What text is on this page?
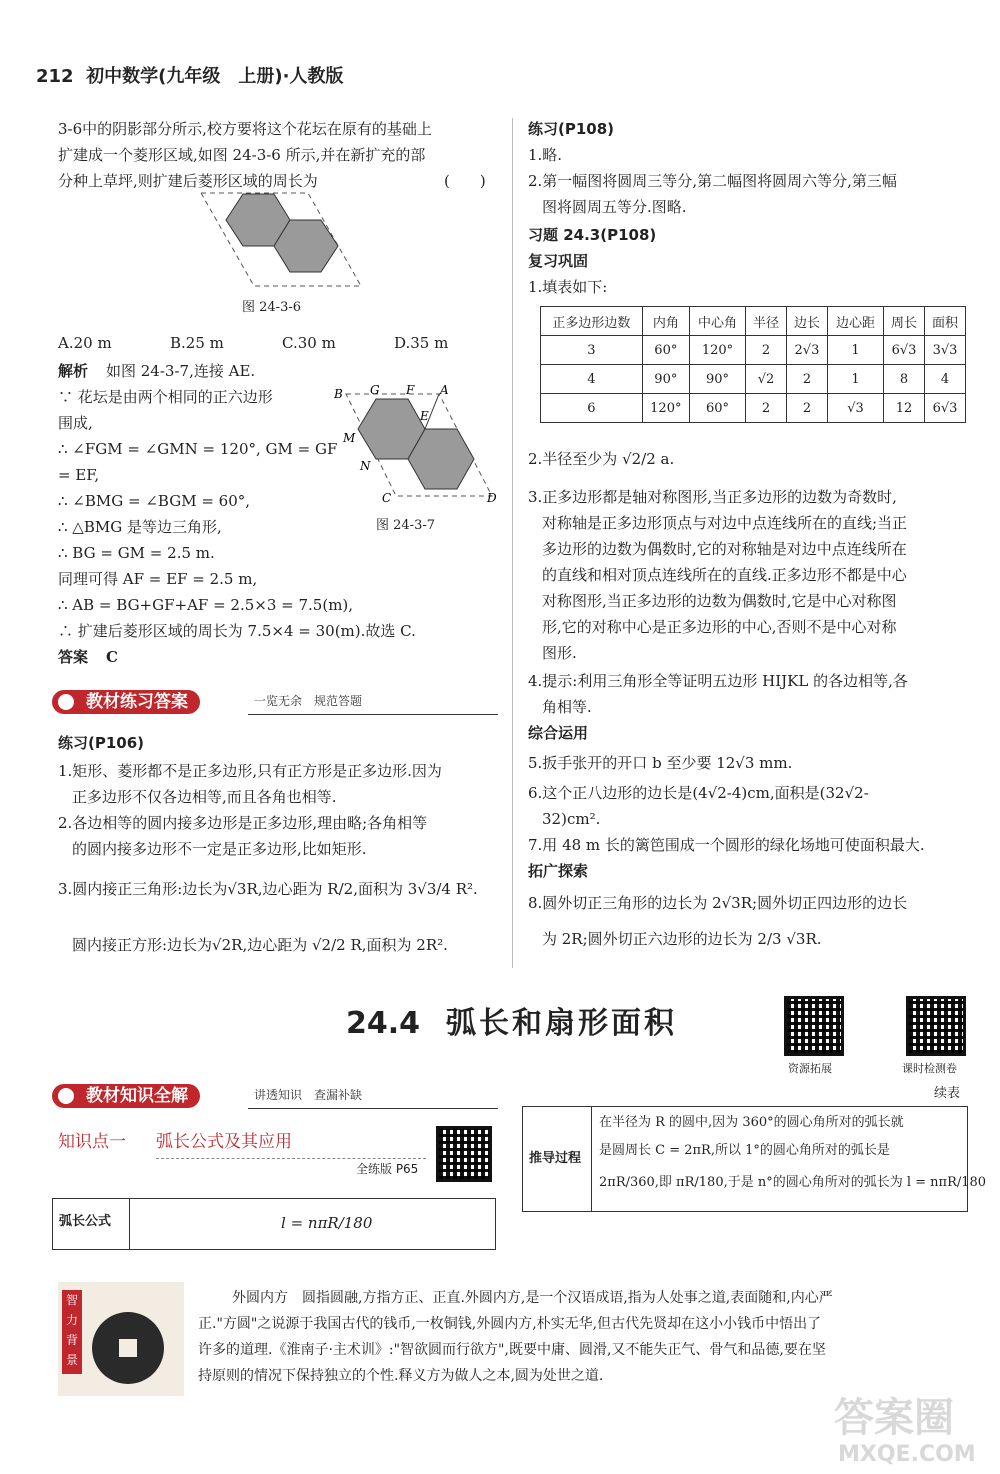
212 初中数学(九年级　上册)·人教版
3-6中的阴影部分所示,校方要将这个花坛在原有的基础上
扩建成一个菱形区域,如图 24-3-6 所示,并在新扩充的部
分种上草坪,则扩建后菱形区域的周长为	(　　)
图 24-3-6
A.20 m	B.25 m	C.30 m	D.35 m
解析 如图 24-3-7,连接 AE.
∵ 花坛是由两个相同的正六边形
围成,
∴ ∠FGM = ∠GMN = 120°, GM = GF
= EF,
∴ ∠BMG = ∠BGM = 60°,
∴ △BMG 是等边三角形,
∴ BG = GM = 2.5 m.
同理可得 AF = EF = 2.5 m,
∴ AB = BG+GF+AF = 2.5×3 = 7.5(m),
∴ 扩建后菱形区域的周长为 7.5×4 = 30(m).故选 C.
B G F A
E
M
N
C	D
图 24-3-7
答案 C
教材练习答案	一览无余　规范答题
练习(P106)
1.矩形、菱形都不是正多边形,只有正方形是正多边形.因为
正多边形不仅各边相等,而且各角也相等.
2.各边相等的圆内接多边形是正多边形,理由略;各角相等
的圆内接多边形不一定是正多边形,比如矩形.
3.圆内接正三角形:边长为√3R,边心距为 R/2,面积为 3√3/4 R².
圆内接正方形:边长为√2R,边心距为 √2/2 R,面积为 2R².
练习(P108)
1.略.
2.第一幅图将圆周三等分,第二幅图将圆周六等分,第三幅
图将圆周五等分.图略.
习题 24.3(P108)
复习巩固
1.填表如下:
正多边形边数	内角	中心角	半径	边长	边心距	周长	面积
3	60°	120°	2	2√3	1	6√3	3√3
4	90°	90°	√2	2	1	8	4
6	120°	60°	2	2	√3	12	6√3
2.半径至少为 √2/2 a.
3.正多边形都是轴对称图形,当正多边形的边数为奇数时,
对称轴是正多边形顶点与对边中点连线所在的直线;当正
多边形的边数为偶数时,它的对称轴是对边中点连线所在
的直线和相对顶点连线所在的直线.正多边形不都是中心
对称图形,当正多边形的边数为偶数时,它是中心对称图
形,它的对称中心是正多边形的中心,否则不是中心对称
图形.
4.提示:利用三角形全等证明五边形 HIJKL 的各边相等,各
角相等.
综合运用
5.扳手张开的开口 b 至少要 12√3 mm.
6.这个正八边形的边长是(4√2-4)cm,面积是(32√2-
32)cm².
7.用 48 m 长的篱笆围成一个圆形的绿化场地可使面积最大.
拓广探索
8.圆外切正三角形的边长为 2√3R;圆外切正四边形的边长
为 2R;圆外切正六边形的边长为 2/3 √3R.
24.4 弧长和扇形面积
资源拓展	课时检测卷
教材知识全解	讲透知识　查漏补缺
知识点一 弧长公式及其应用
全练版 P65
弧长公式	l = nπR/180
续表
推导过程
在半径为 R 的圆中,因为 360°的圆心角所对的弧长就
是圆周长 C = 2πR,所以 1°的圆心角所对的弧长是
2πR/360,即 πR/180,于是 n°的圆心角所对的弧长为 l = nπR/180
智力背景
外圆内方　圆指圆融,方指方正、正直.外圆内方,是一个汉语成语,指为人处事之道,表面随和,内心严
正."方圆"之说源于我国古代的钱币,一枚铜钱,外圆内方,朴实无华,但古代先贤却在这小小钱币中悟出了
许多的道理.《淮南子·主术训》:"智欲圆而行欲方",既要中庸、圆滑,又不能失正气、骨气和品德,要在坚
持原则的情况下保持独立的个性.释义方为做人之本,圆为处世之道.
答案圈
MXQE.COM
